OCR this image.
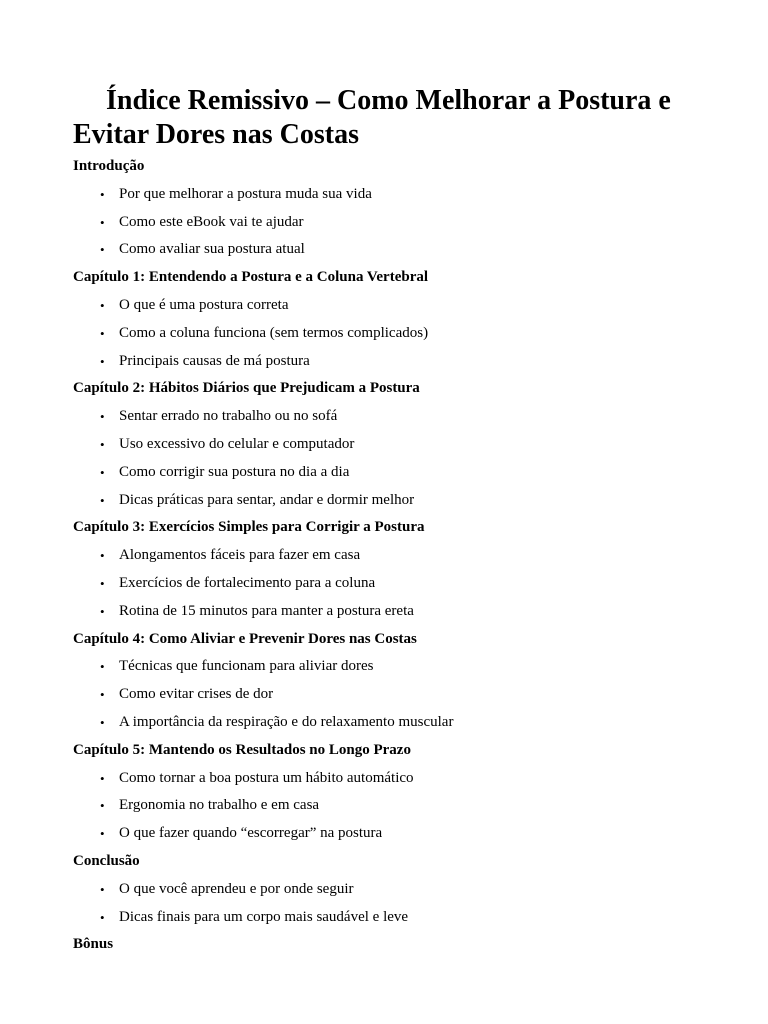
Índice Remissivo – Como Melhorar a Postura e Evitar Dores nas Costas
Introdução
• Por que melhorar a postura muda sua vida
• Como este eBook vai te ajudar
• Como avaliar sua postura atual
Capítulo 1: Entendendo a Postura e a Coluna Vertebral
• O que é uma postura correta
• Como a coluna funciona (sem termos complicados)
• Principais causas de má postura
Capítulo 2: Hábitos Diários que Prejudicam a Postura
• Sentar errado no trabalho ou no sofá
• Uso excessivo do celular e computador
• Como corrigir sua postura no dia a dia
• Dicas práticas para sentar, andar e dormir melhor
Capítulo 3: Exercícios Simples para Corrigir a Postura
• Alongamentos fáceis para fazer em casa
• Exercícios de fortalecimento para a coluna
• Rotina de 15 minutos para manter a postura ereta
Capítulo 4: Como Aliviar e Prevenir Dores nas Costas
• Técnicas que funcionam para aliviar dores
• Como evitar crises de dor
• A importância da respiração e do relaxamento muscular
Capítulo 5: Mantendo os Resultados no Longo Prazo
• Como tornar a boa postura um hábito automático
• Ergonomia no trabalho e em casa
• O que fazer quando “escorregar” na postura
Conclusão
• O que você aprendeu e por onde seguir
• Dicas finais para um corpo mais saudável e leve
Bônus
